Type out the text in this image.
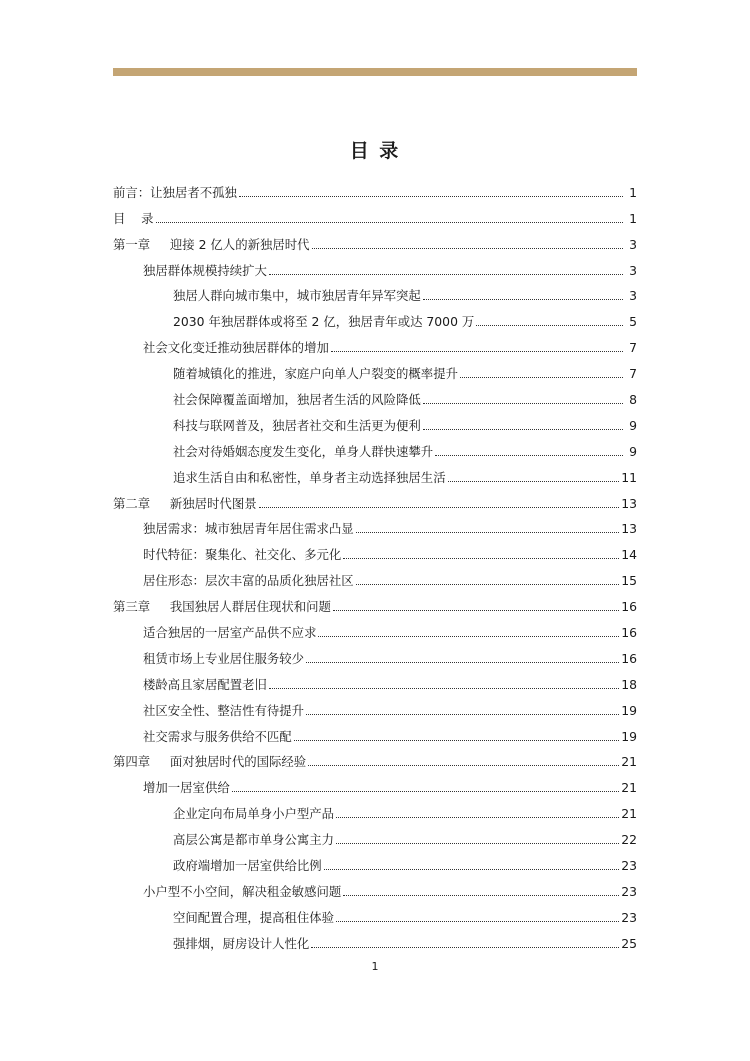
目 录
前言：让独居者不孤独	1
目    录	1
第一章     迎接 2 亿人的新独居时代	3
独居群体规模持续扩大	3
独居人群向城市集中，城市独居青年异军突起	3
2030 年独居群体或将至 2 亿，独居青年或达 7000 万	5
社会文化变迁推动独居群体的增加	7
随着城镇化的推进，家庭户向单人户裂变的概率提升	7
社会保障覆盖面增加，独居者生活的风险降低	8
科技与联网普及，独居者社交和生活更为便利	9
社会对待婚姻态度发生变化，单身人群快速攀升	9
追求生活自由和私密性，单身者主动选择独居生活	11
第二章     新独居时代图景	13
独居需求：城市独居青年居住需求凸显	13
时代特征：聚集化、社交化、多元化	14
居住形态：层次丰富的品质化独居社区	15
第三章     我国独居人群居住现状和问题	16
适合独居的一居室产品供不应求	16
租赁市场上专业居住服务较少	16
楼龄高且家居配置老旧	18
社区安全性、整洁性有待提升	19
社交需求与服务供给不匹配	19
第四章     面对独居时代的国际经验	21
增加一居室供给	21
企业定向布局单身小户型产品	21
高层公寓是都市单身公寓主力	22
政府端增加一居室供给比例	23
小户型不小空间，解决租金敏感问题	23
空间配置合理，提高租住体验	23
强排烟，厨房设计人性化	25
1
